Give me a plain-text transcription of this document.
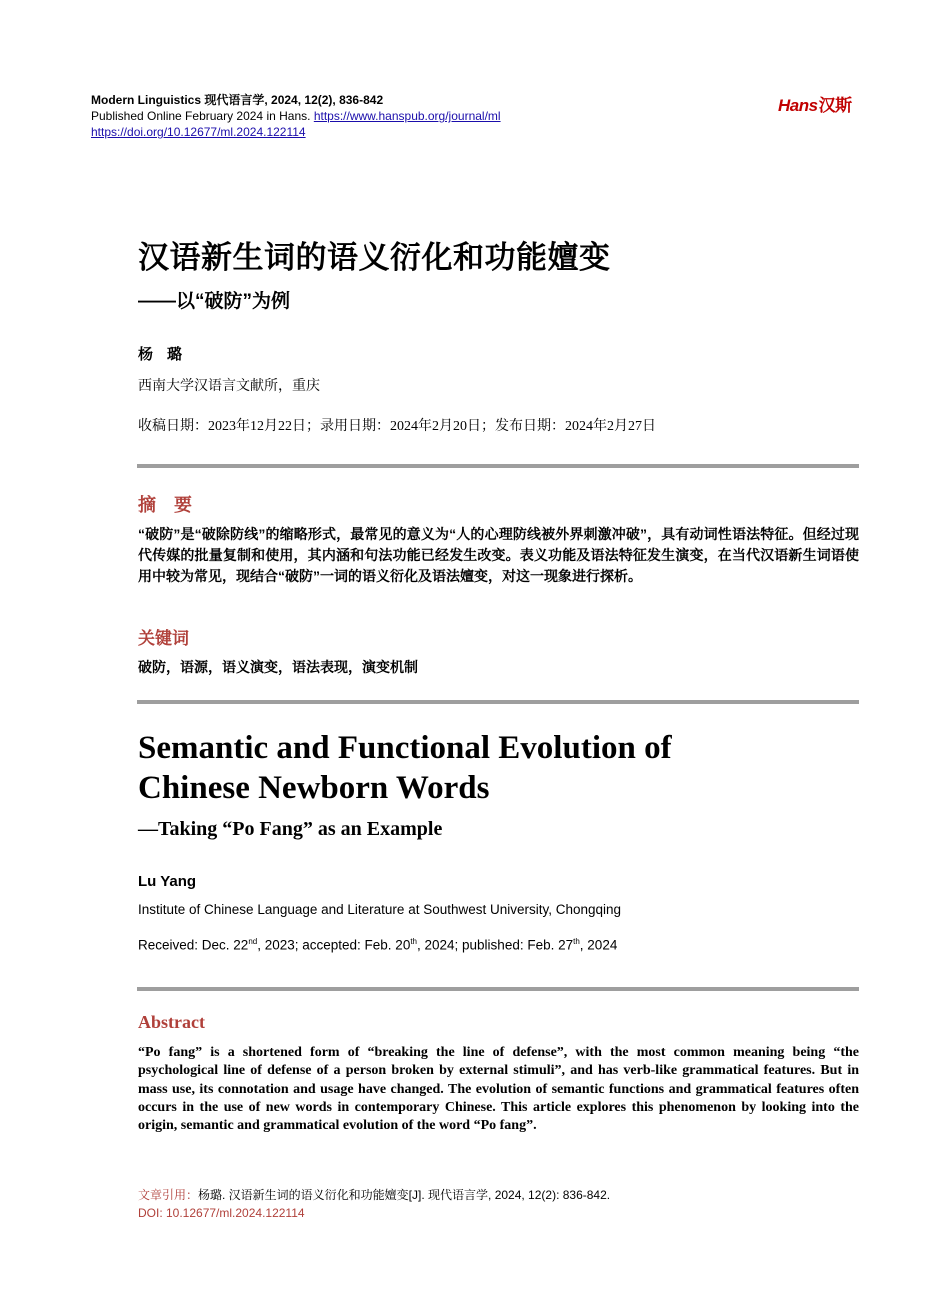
Modern Linguistics 现代语言学, 2024, 12(2), 836-842
Published Online February 2024 in Hans. https://www.hanspub.org/journal/ml
https://doi.org/10.12677/ml.2024.122114
Hans汉斯
汉语新生词的语义衍化和功能嬗变
——以“破防”为例
杨璐
西南大学汉语言文献所，重庆
收稿日期：2023年12月22日；录用日期：2024年2月20日；发布日期：2024年2月27日
摘　要
“破防”是“破除防线”的缩略形式，最常见的意义为“人的心理防线被外界刺激冲破”，具有动词性语法特征。但经过现代传媒的批量复制和使用，其内涵和句法功能已经发生改变。表义功能及语法特征发生演变，在当代汉语新生词语使用中较为常见，现结合“破防”一词的语义衍化及语法嬗变，对这一现象进行探析。
关键词
破防，语源，语义演变，语法表现，演变机制
Semantic and Functional Evolution of
Chinese Newborn Words
—Taking “Po Fang” as an Example
Lu Yang
Institute of Chinese Language and Literature at Southwest University, Chongqing
Received: Dec. 22nd, 2023; accepted: Feb. 20th, 2024; published: Feb. 27th, 2024
Abstract
“Po fang” is a shortened form of “breaking the line of defense”, with the most common meaning being “the psychological line of defense of a person broken by external stimuli”, and has verb-like grammatical features. But in mass use, its connotation and usage have changed. The evolution of semantic functions and grammatical features often occurs in the use of new words in contemporary Chinese. This article explores this phenomenon by looking into the origin, semantic and grammatical evolution of the word “Po fang”.
文章引用：杨璐. 汉语新生词的语义衍化和功能嬗变[J]. 现代语言学, 2024, 12(2): 836-842.
DOI: 10.12677/ml.2024.122114
